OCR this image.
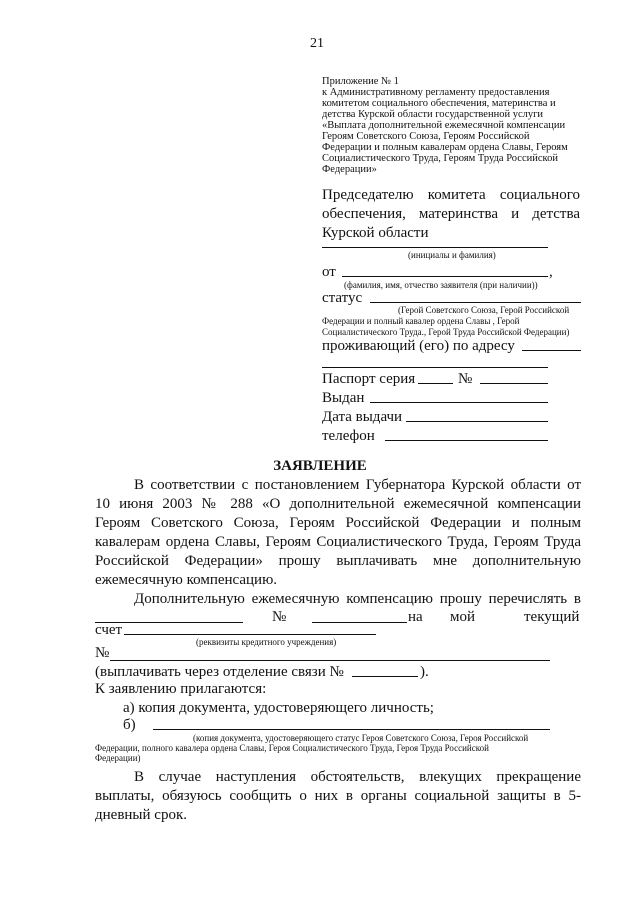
21
Приложение № 1
к Административному регламенту предоставления
комитетом социального обеспечения, материнства и
детства Курской области государственной услуги
«Выплата дополнительной ежемесячной компенсации
Героям Советского Союза, Героям Российской
Федерации и полным кавалерам ордена Славы, Героям
Социалистического Труда, Героям Труда Российской
Федерации»
Председателю комитета социального
обеспечения, материнства и детства
Курской области
(инициалы и фамилия)
от	,
(фамилия, имя, отчество заявителя (при наличии))
статус
(Герой Советского Союза, Герой Российской
Федерации и полный кавалер ордена Славы , Герой
Социалистического Труда., Герой Труда Российской Федерации)
проживающий (его) по адресу
Паспорт серия	№
Выдан
Дата выдачи
телефон
ЗАЯВЛЕНИЕ
В соответствии с постановлением Губернатора Курской области от
10 июня 2003 № 288 «О дополнительной ежемесячной компенсации
Героям Советского Союза, Героям Российской Федерации и полным
кавалерам ордена Славы, Героям Социалистического Труда, Героям Труда
Российской Федерации» прошу выплачивать мне дополнительную
ежемесячную компенсацию.
Дополнительную ежемесячную компенсацию прошу перечислять в
№	на мой	текущий
счет
(реквизиты кредитного учреждения)
№
(выплачивать через отделение связи №	).
К заявлению прилагаются:
а) копия документа, удостоверяющего личность;
б)
(копия документа, удостоверяющего статус Героя Советского Союза, Героя Российской
Федерации, полного кавалера ордена Славы, Героя Социалистического Труда, Героя Труда Российской
Федерации)
В случае наступления обстоятельств, влекущих прекращение
выплаты, обязуюсь сообщить о них в органы социальной защиты в 5-
дневный срок.
